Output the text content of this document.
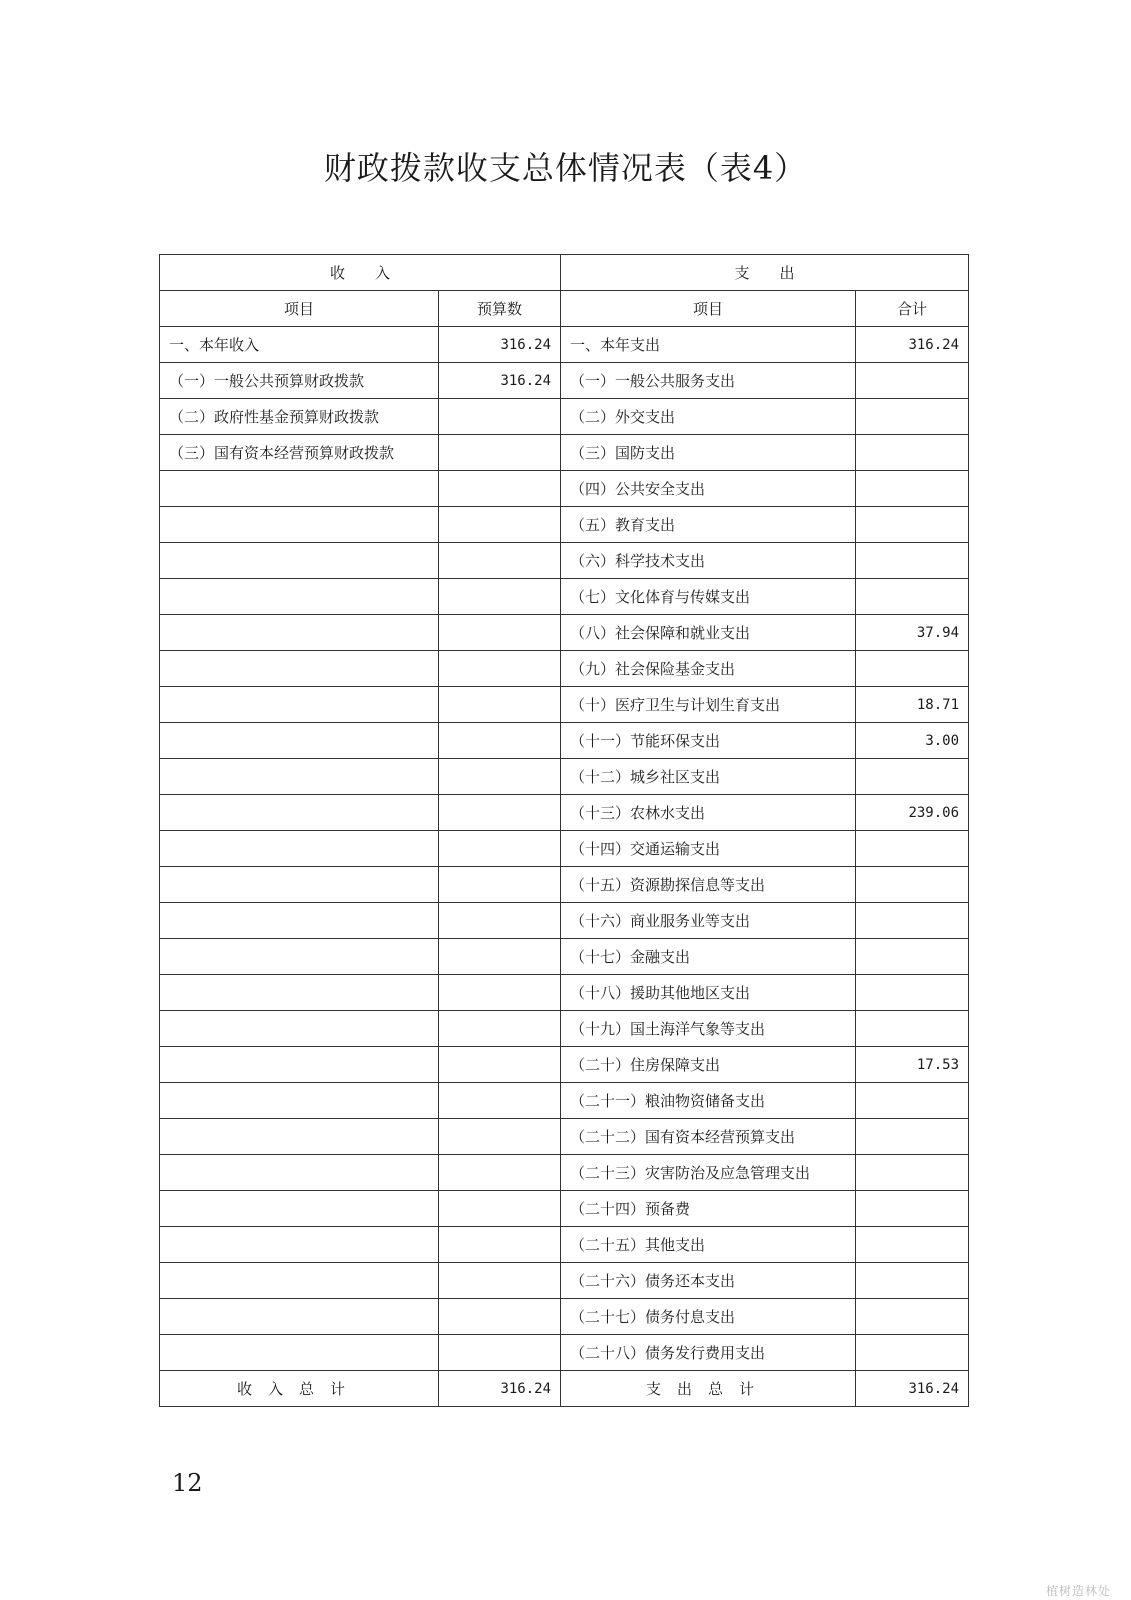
财政拨款收支总体情况表（表4）
收　　入		支　　出	
项目	预算数	项目	合计
一、本年收入	316.24	一、本年支出	316.24
（一）一般公共预算财政拨款	316.24	（一）一般公共服务支出	
（二）政府性基金预算财政拨款		（二）外交支出	
（三）国有资本经营预算财政拨款		（三）国防支出	
		（四）公共安全支出	
		（五）教育支出	
		（六）科学技术支出	
		（七）文化体育与传媒支出	
		（八）社会保障和就业支出	37.94
		（九）社会保险基金支出	
		（十）医疗卫生与计划生育支出	18.71
		（十一）节能环保支出	3.00
		（十二）城乡社区支出	
		（十三）农林水支出	239.06
		（十四）交通运输支出	
		（十五）资源勘探信息等支出	
		（十六）商业服务业等支出	
		（十七）金融支出	
		（十八）援助其他地区支出	
		（十九）国土海洋气象等支出	
		（二十）住房保障支出	17.53
		（二十一）粮油物资储备支出	
		（二十二）国有资本经营预算支出	
		（二十三）灾害防治及应急管理支出	
		（二十四）预备费	
		（二十五）其他支出	
		（二十六）债务还本支出	
		（二十七）债务付息支出	
		（二十八）债务发行费用支出	
收入总计	316.24	支出总计	316.24
12
植树造林处
